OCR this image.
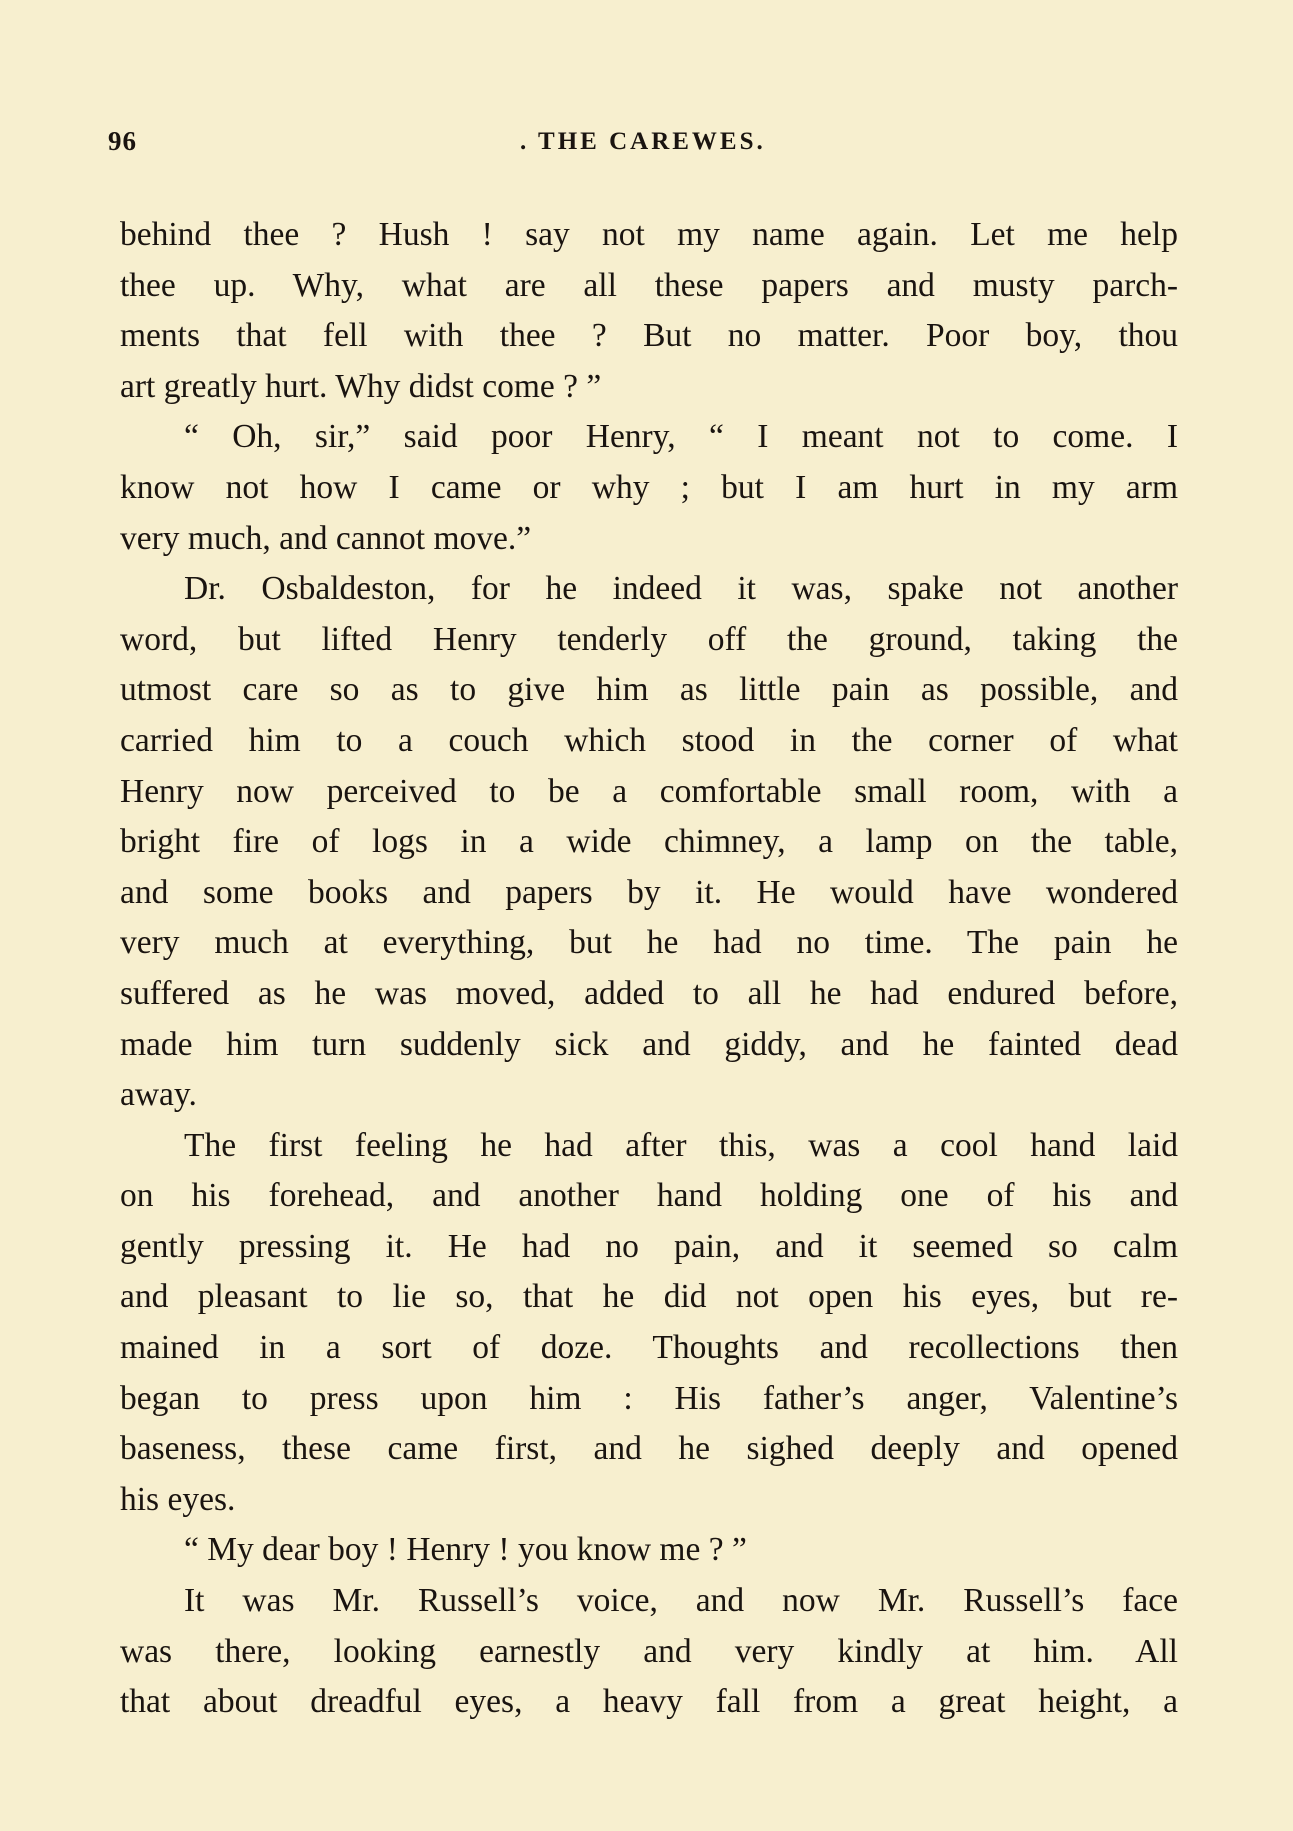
96	. THE CAREWES.
behind thee ? Hush ! say not my name again. Let me help
thee up. Why, what are all these papers and musty parch-
ments that fell with thee ? But no matter. Poor boy, thou
art greatly hurt. Why didst come ? ”
“ Oh, sir,” said poor Henry, “ I meant not to come. I
know not how I came or why ; but I am hurt in my arm
very much, and cannot move.”
Dr. Osbaldeston, for he indeed it was, spake not another
word, but lifted Henry tenderly off the ground, taking the
utmost care so as to give him as little pain as possible, and
carried him to a couch which stood in the corner of what
Henry now perceived to be a comfortable small room, with a
bright fire of logs in a wide chimney, a lamp on the table,
and some books and papers by it. He would have wondered
very much at everything, but he had no time. The pain he
suffered as he was moved, added to all he had endured before,
made him turn suddenly sick and giddy, and he fainted dead
away.
The first feeling he had after this, was a cool hand laid
on his forehead, and another hand holding one of his and
gently pressing it. He had no pain, and it seemed so calm
and pleasant to lie so, that he did not open his eyes, but re-
mained in a sort of doze. Thoughts and recollections then
began to press upon him : His father’s anger, Valentine’s
baseness, these came first, and he sighed deeply and opened
his eyes.
“ My dear boy ! Henry ! you know me ? ”
It was Mr. Russell’s voice, and now Mr. Russell’s face
was there, looking earnestly and very kindly at him. All
that about dreadful eyes, a heavy fall from a great height, a
